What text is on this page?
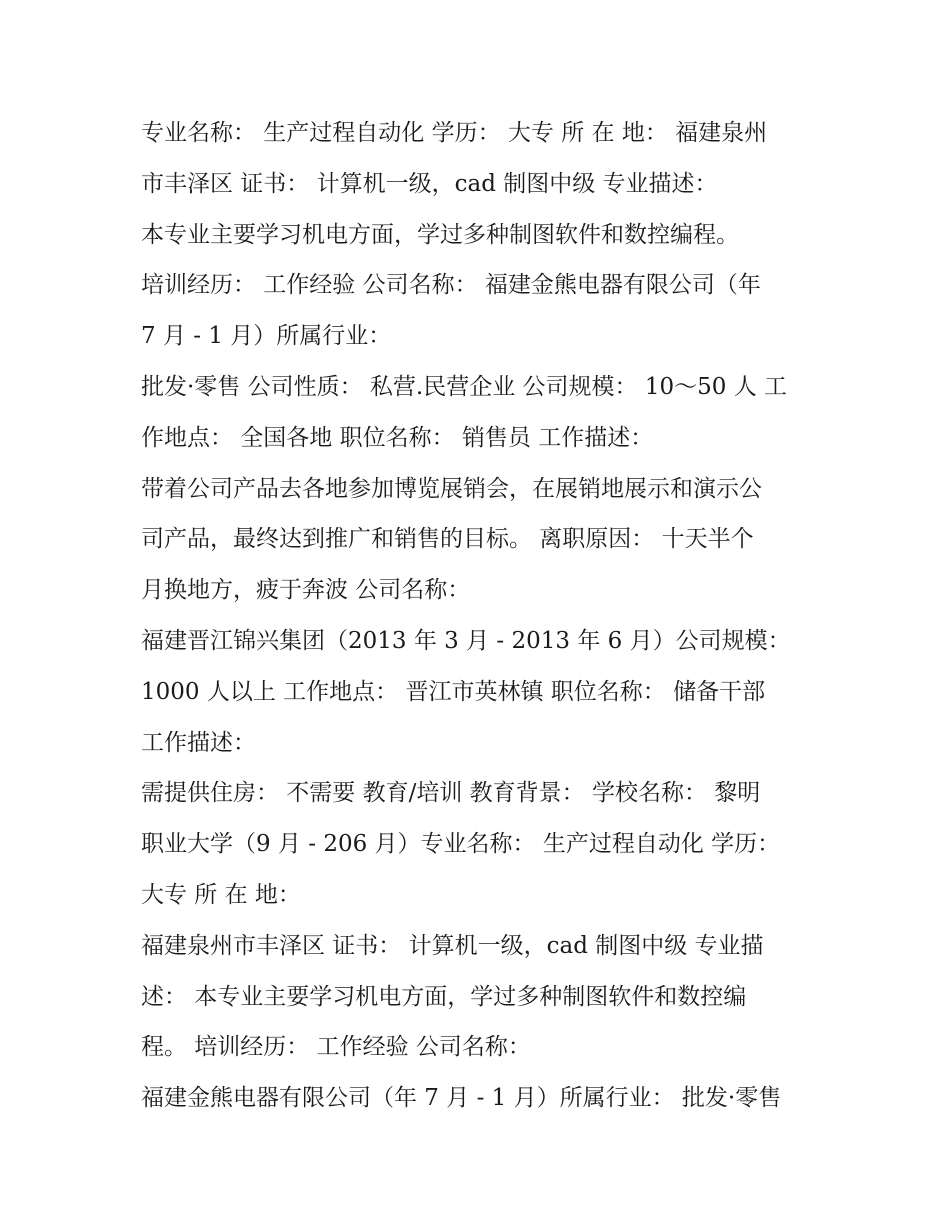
专业名称： 生产过程自动化 学历： 大专 所 在 地： 福建泉州
市丰泽区 证书： 计算机一级，cad 制图中级 专业描述：
本专业主要学习机电方面，学过多种制图软件和数控编程。
培训经历： 工作经验 公司名称： 福建金熊电器有限公司（年
7 月 - 1 月）所属行业：
批发·零售 公司性质： 私营.民营企业 公司规模： 10～50 人 工
作地点： 全国各地 职位名称： 销售员 工作描述：
带着公司产品去各地参加博览展销会，在展销地展示和演示公
司产品，最终达到推广和销售的目标。 离职原因： 十天半个
月换地方，疲于奔波 公司名称：
福建晋江锦兴集团（2013 年 3 月 - 2013 年 6 月）公司规模：
1000 人以上 工作地点： 晋江市英林镇 职位名称： 储备干部
工作描述：
需提供住房： 不需要 教育/培训 教育背景： 学校名称： 黎明
职业大学（9 月 - 206 月）专业名称： 生产过程自动化 学历：
大专 所 在 地：
福建泉州市丰泽区 证书： 计算机一级，cad 制图中级 专业描
述： 本专业主要学习机电方面，学过多种制图软件和数控编
程。 培训经历： 工作经验 公司名称：
福建金熊电器有限公司（年 7 月 - 1 月）所属行业： 批发·零售
